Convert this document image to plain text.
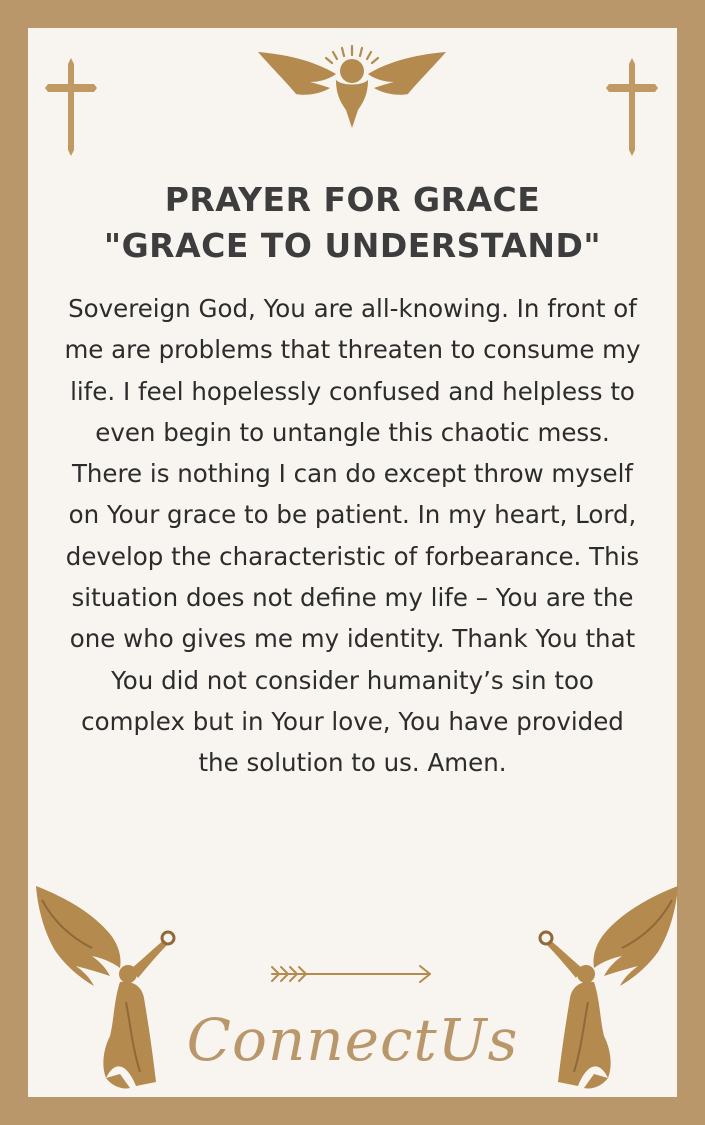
PRAYER FOR GRACE
"GRACE TO UNDERSTAND"

Sovereign God, You are all-knowing. In front of me are problems that threaten to consume my life. I feel hopelessly confused and helpless to even begin to untangle this chaotic mess. There is nothing I can do except throw myself on Your grace to be patient. In my heart, Lord, develop the characteristic of forbearance. This situation does not define my life – You are the one who gives me my identity. Thank You that You did not consider humanity’s sin too complex but in Your love, You have provided the solution to us. Amen.

ConnectUs
